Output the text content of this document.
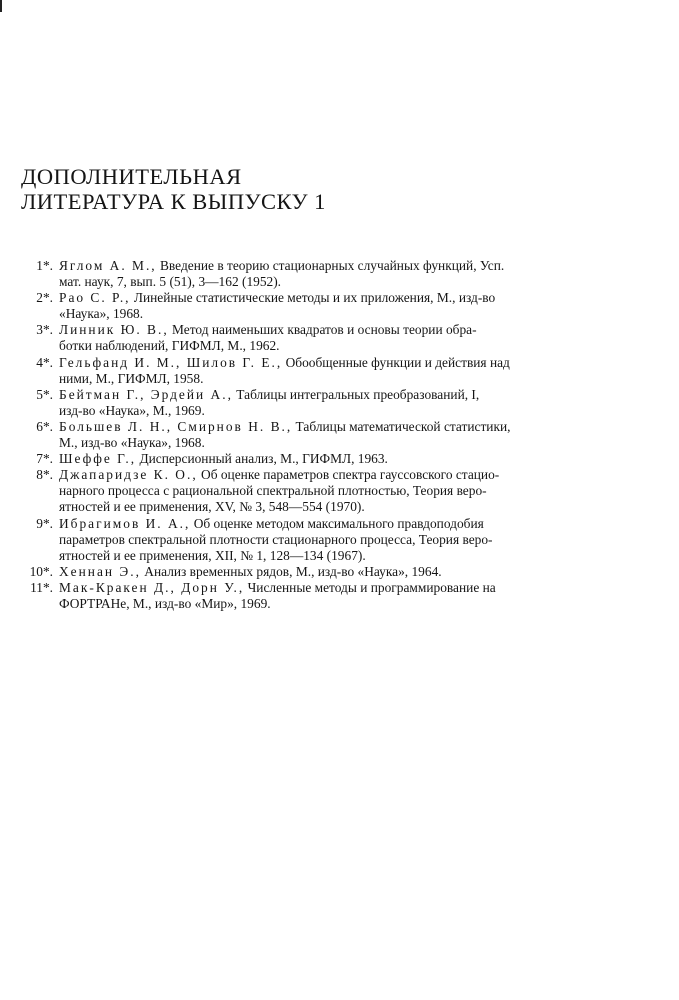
ДОПОЛНИТЕЛЬНАЯ
ЛИТЕРАТУРА К ВЫПУСКУ 1
1*. Яглом А. М., Введение в теорию стационарных случайных функций, Усп.
мат. наук, 7, вып. 5 (51), 3—162 (1952).
2*. Рао С. Р., Линейные статистические методы и их приложения, М., изд-во
«Наука», 1968.
3*. Линник Ю. В., Метод наименьших квадратов и основы теории обра-
ботки наблюдений, ГИФМЛ, М., 1962.
4*. Гельфанд И. М., Шилов Г. Е., Обообщенные функции и действия над
ними, М., ГИФМЛ, 1958.
5*. Бейтман Г., Эрдейи А., Таблицы интегральных преобразований, I,
изд-во «Наука», М., 1969.
6*. Большев Л. Н., Смирнов Н. В., Таблицы математической статистики,
М., изд-во «Наука», 1968.
7*. Шеффе Г., Дисперсионный анализ, М., ГИФМЛ, 1963.
8*. Джапаридзе К. О., Об оценке параметров спектра гауссовского стацио-
нарного процесса с рациональной спектральной плотностью, Теория веро-
ятностей и ее применения, XV, № 3, 548—554 (1970).
9*. Ибрагимов И. А., Об оценке методом максимального правдоподобия
параметров спектральной плотности стационарного процесса, Теория веро-
ятностей и ее применения, XII, № 1, 128—134 (1967).
10*. Хеннан Э., Анализ временных рядов, М., изд-во «Наука», 1964.
11*. Мак-Кракен Д., Дорн У., Численные методы и программирование на
ФОРТРАНе, М., изд-во «Мир», 1969.
